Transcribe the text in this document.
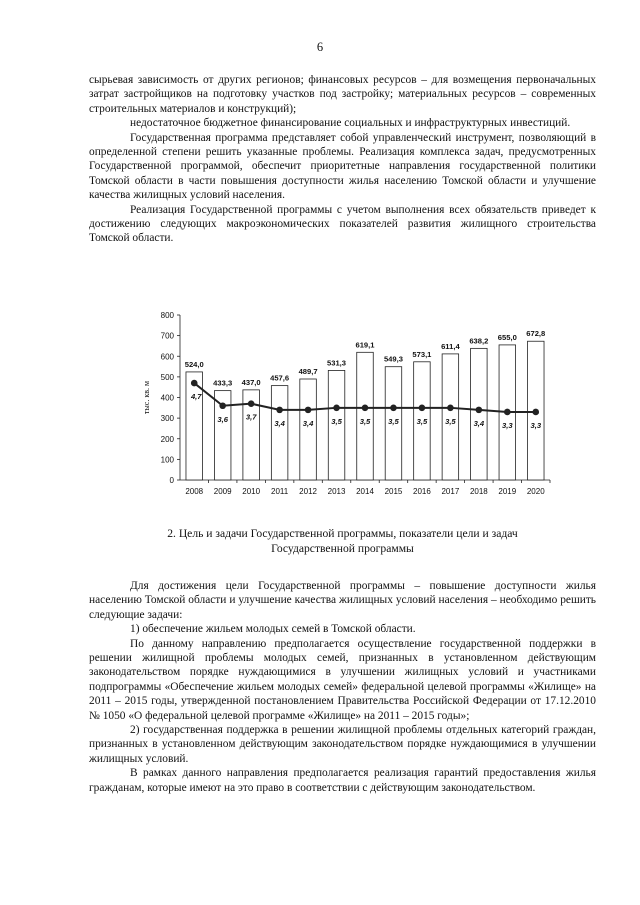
6

сырьевая зависимость от других регионов; финансовых ресурсов – для возмещения первоначальных затрат застройщиков на подготовку участков под застройку; материальных ресурсов – современных строительных материалов и конструкций);

недостаточное бюджетное финансирование социальных и инфраструктурных инвестиций.

Государственная программа представляет собой управленческий инструмент, позволяющий в определенной степени решить указанные проблемы. Реализация комплекса задач, предусмотренных Государственной программой, обеспечит приоритетные направления государственной политики Томской области в части повышения доступности жилья населению Томской области и улучшение качества жилищных условий населения.

Реализация Государственной программы с учетом выполнения всех обязательств приведет к достижению следующих макроэкономических показателей развития жилищного строительства Томской области.

0
100
200
300
400
500
600
700
800
тыс. кв. м
2008
524,0
2009
433,3
2010
437,0
2011
457,6
2012
489,7
2013
531,3
2014
619,1
2015
549,3
2016
573,1
2017
611,4
2018
638,2
2019
655,0
2020
672,8
4,7
3,6 3,7
3,4 3,4 3,5 3,5 3,5 3,5 3,5 3,4 3,3 3,3
2. Цель и задачи Государственной программы, показатели цели и задач
Государственной программы

Для достижения цели Государственной программы – повышение доступности жилья населению Томской области и улучшение качества жилищных условий населения – необходимо решить следующие задачи:

1) обеспечение жильем молодых семей в Томской области.

По данному направлению предполагается осуществление государственной поддержки в решении жилищной проблемы молодых семей, признанных в установленном действующим законодательством порядке нуждающимися в улучшении жилищных условий и участниками подпрограммы «Обеспечение жильем молодых семей» федеральной целевой программы «Жилище» на 2011 – 2015 годы, утвержденной постановлением Правительства Российской Федерации от 17.12.2010 № 1050 «О федеральной целевой программе «Жилище» на 2011 – 2015 годы»;

2) государственная поддержка в решении жилищной проблемы отдельных категорий граждан, признанных в установленном действующим законодательством порядке нуждающимися в улучшении жилищных условий.

В рамках данного направления предполагается реализация гарантий предоставления жилья гражданам, которые имеют на это право в соответствии с действующим законодательством.
